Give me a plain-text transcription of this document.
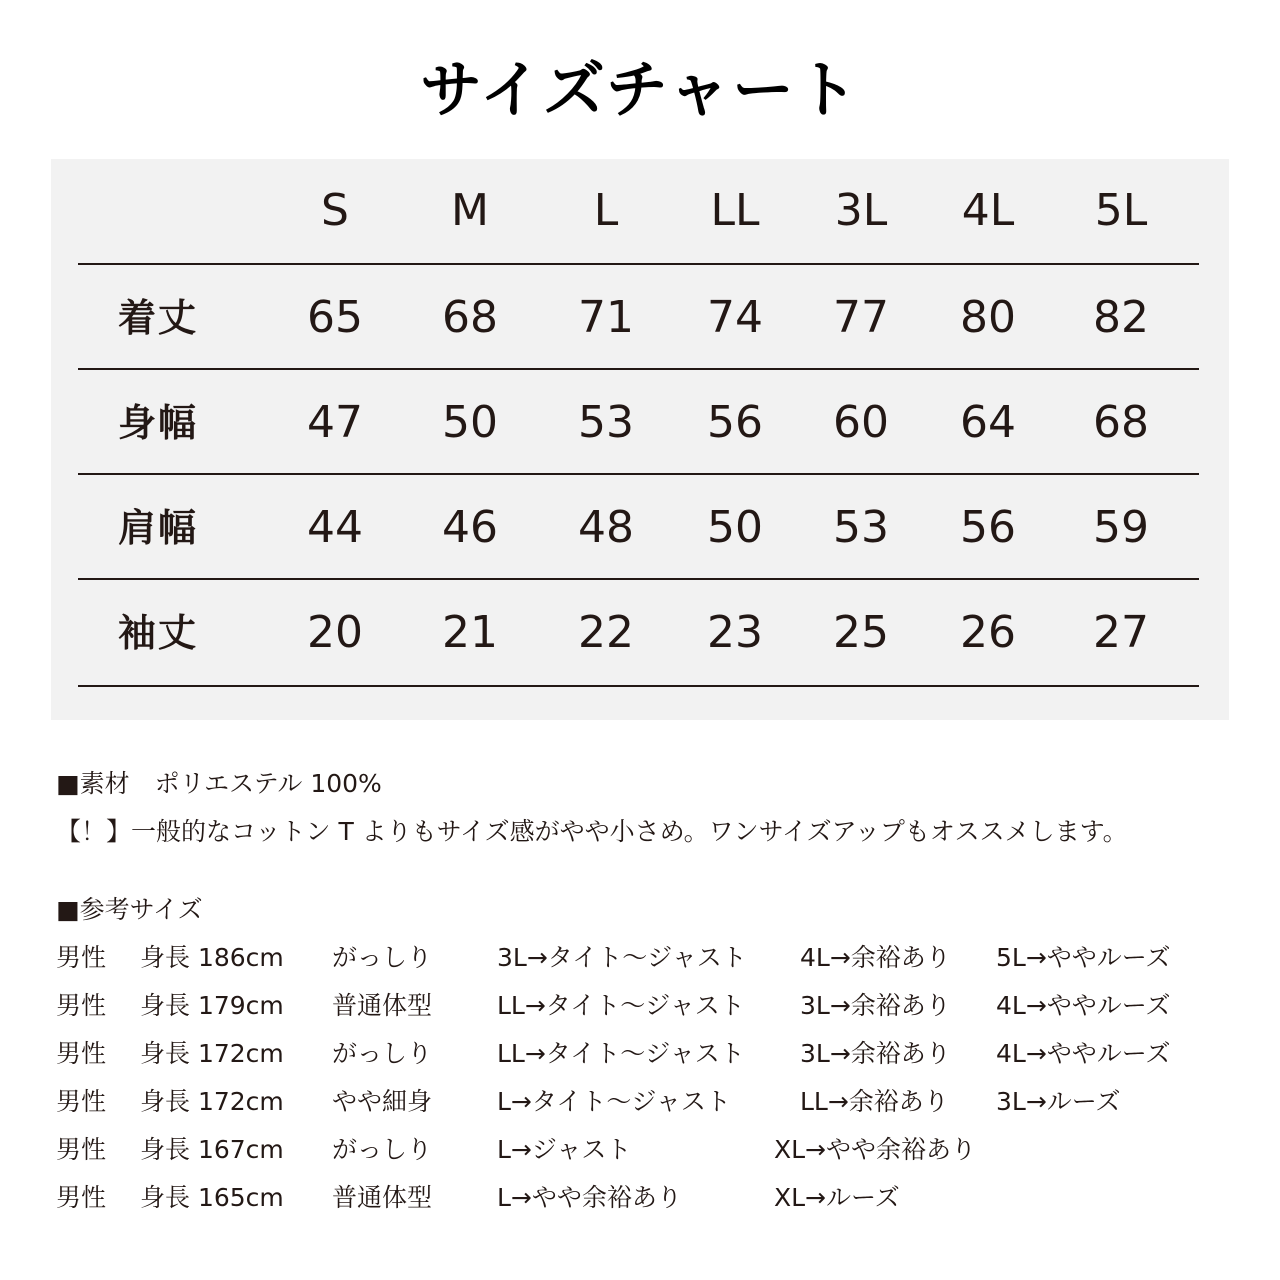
サイズチャート
S	M	L	LL	3L	4L	5L
着丈	65	68	71	74	77	80	82
身幅	47	50	53	56	60	64	68
肩幅	44	46	48	50	53	56	59
袖丈	20	21	22	23	25	26	27
■素材　ポリエステル 100%
【！】一般的なコットン T よりもサイズ感がやや小さめ。ワンサイズアップもオススメします。
■参考サイズ
男性 身長 186cm がっしり	3L→タイト～ジャスト 4L→余裕あり 5L→ややルーズ
男性 身長 179cm 普通体型	LL→タイト～ジャスト 3L→余裕あり 4L→ややルーズ
男性 身長 172cm がっしり	LL→タイト～ジャスト 3L→余裕あり 4L→ややルーズ
男性 身長 172cm やや細身	L→タイト～ジャスト	LL→余裕あり 3L→ルーズ
男性 身長 167cm がっしり	L→ジャスト	XL→やや余裕あり
男性 身長 165cm 普通体型	L→やや余裕あり	XL→ルーズ
